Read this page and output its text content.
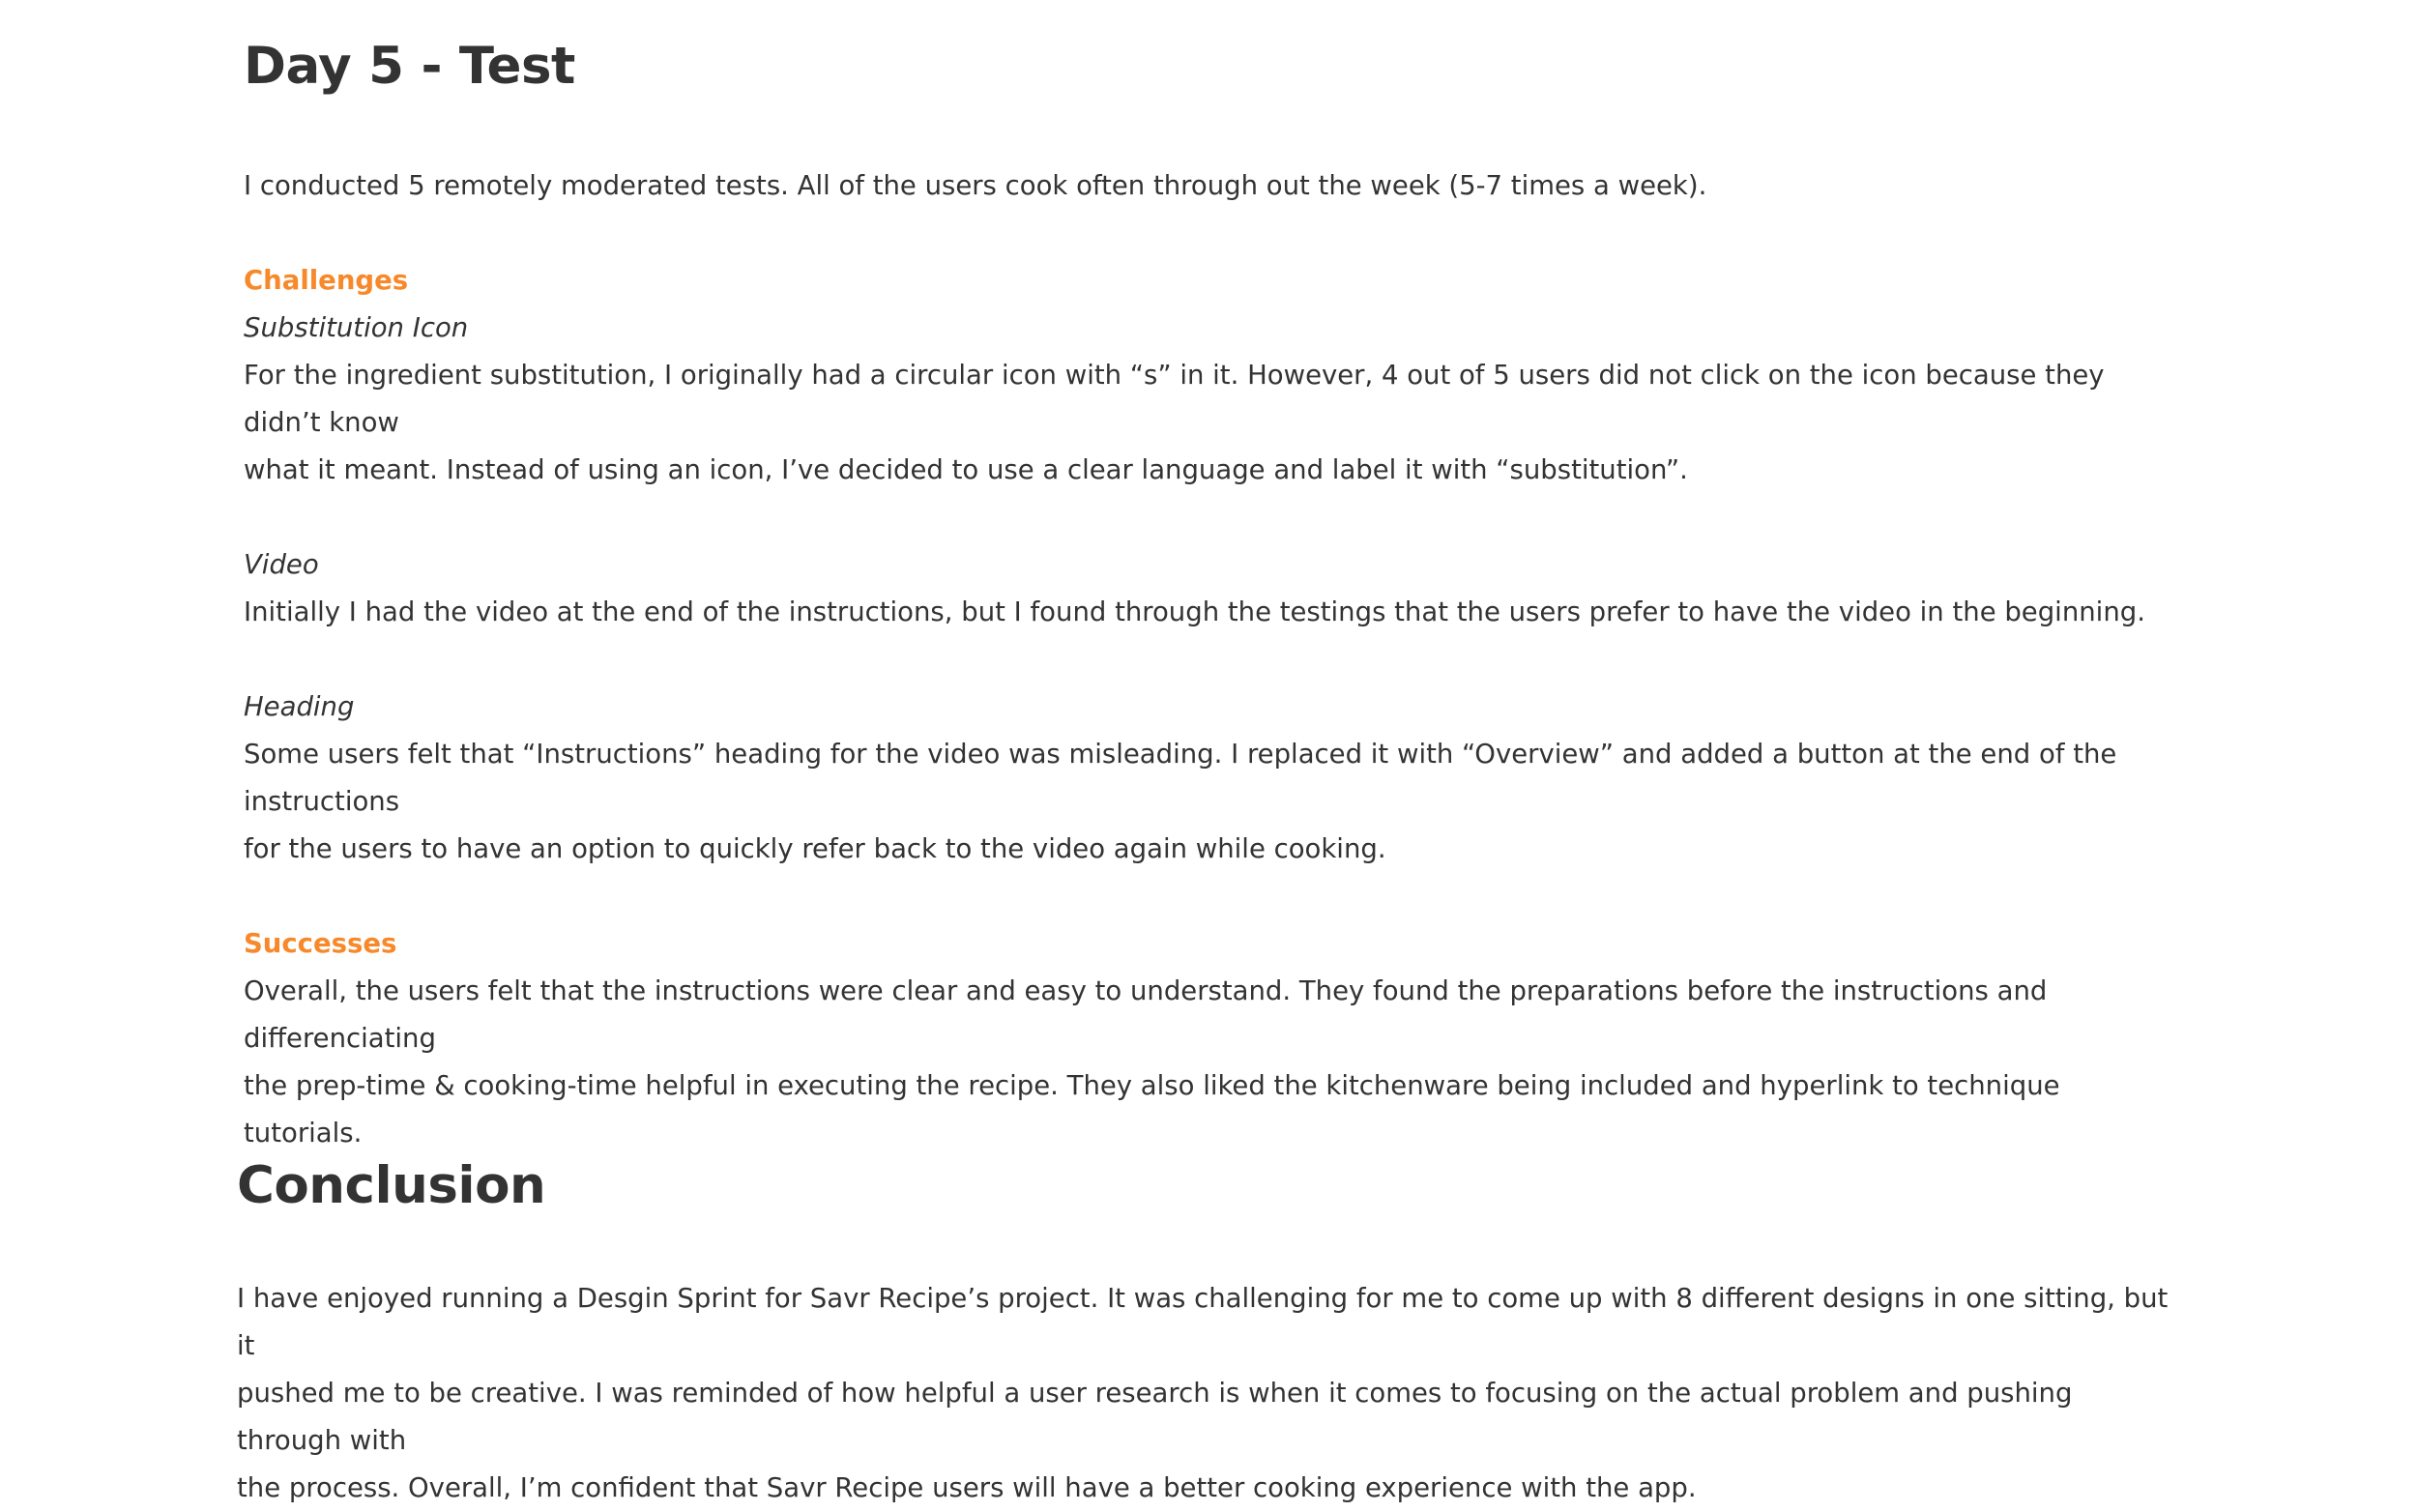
Day 5 - Test

I conducted 5 remotely moderated tests. All of the users cook often through out the week (5-7 times a week).

Challenges
Substitution Icon

For the ingredient substitution, I originally had a circular icon with “s” in it. However, 4 out of 5 users did not click on the icon because they didn’t know

what it meant. Instead of using an icon, I’ve decided to use a clear language and label it with “substitution”.

Video

Initially I had the video at the end of the instructions, but I found through the testings that the users prefer to have the video in the beginning.

Heading

Some users felt that “Instructions” heading for the video was misleading. I replaced it with “Overview” and added a button at the end of the instructions

for the users to have an option to quickly refer back to the video again while cooking.

Successes

Overall, the users felt that the instructions were clear and easy to understand. They found the preparations before the instructions and differenciating

the prep-time & cooking-time helpful in executing the recipe. They also liked the kitchenware being included and hyperlink to technique tutorials.

Conclusion

I have enjoyed running a Desgin Sprint for Savr Recipe’s project. It was challenging for me to come up with 8 different designs in one sitting, but it

pushed me to be creative. I was reminded of how helpful a user research is when it comes to focusing on the actual problem and pushing through with

the process. Overall, I’m confident that Savr Recipe users will have a better cooking experience with the app.
